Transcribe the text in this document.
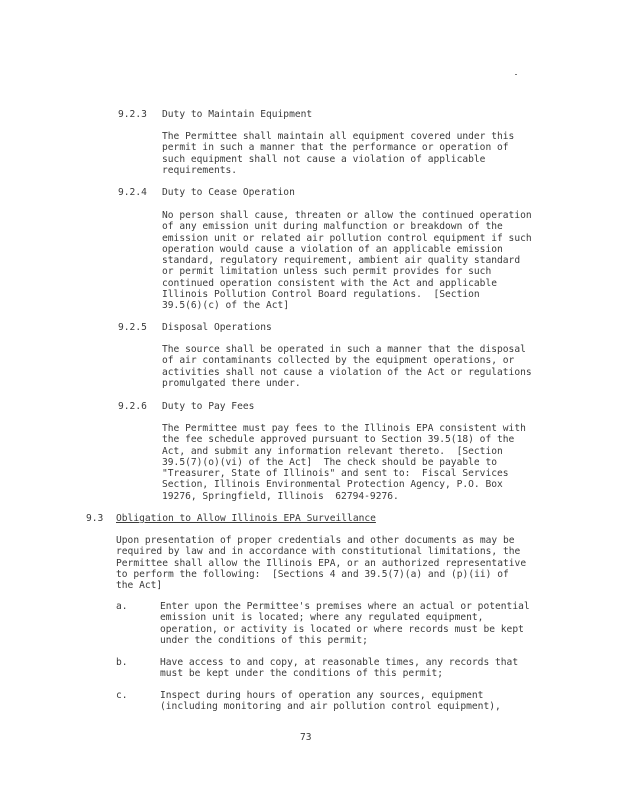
9.2.3 Duty to Maintain Equipment

The Permittee shall maintain all equipment covered under this
permit in such a manner that the performance or operation of
such equipment shall not cause a violation of applicable
requirements.

9.2.4 Duty to Cease Operation

No person shall cause, threaten or allow the continued operation
of any emission unit during malfunction or breakdown of the
emission unit or related air pollution control equipment if such
operation would cause a violation of an applicable emission
standard, regulatory requirement, ambient air quality standard
or permit limitation unless such permit provides for such
continued operation consistent with the Act and applicable
Illinois Pollution Control Board regulations.  [Section
39.5(6)(c) of the Act]

9.2.5 Disposal Operations

The source shall be operated in such a manner that the disposal
of air contaminants collected by the equipment operations, or
activities shall not cause a violation of the Act or regulations
promulgated there under.

9.2.6 Duty to Pay Fees

The Permittee must pay fees to the Illinois EPA consistent with
the fee schedule approved pursuant to Section 39.5(18) of the
Act, and submit any information relevant thereto.  [Section
39.5(7)(o)(vi) of the Act]  The check should be payable to
"Treasurer, State of Illinois" and sent to:  Fiscal Services
Section, Illinois Environmental Protection Agency, P.O. Box
19276, Springfield, Illinois  62794-9276.

9.3 Obligation to Allow Illinois EPA Surveillance

Upon presentation of proper credentials and other documents as may be
required by law and in accordance with constitutional limitations, the
Permittee shall allow the Illinois EPA, or an authorized representative
to perform the following:  [Sections 4 and 39.5(7)(a) and (p)(ii) of
the Act]

a.	Enter upon the Permittee's premises where an actual or potential
emission unit is located; where any regulated equipment,
operation, or activity is located or where records must be kept
under the conditions of this permit;

b.	Have access to and copy, at reasonable times, any records that
must be kept under the conditions of this permit;

c.	Inspect during hours of operation any sources, equipment
(including monitoring and air pollution control equipment),

73
